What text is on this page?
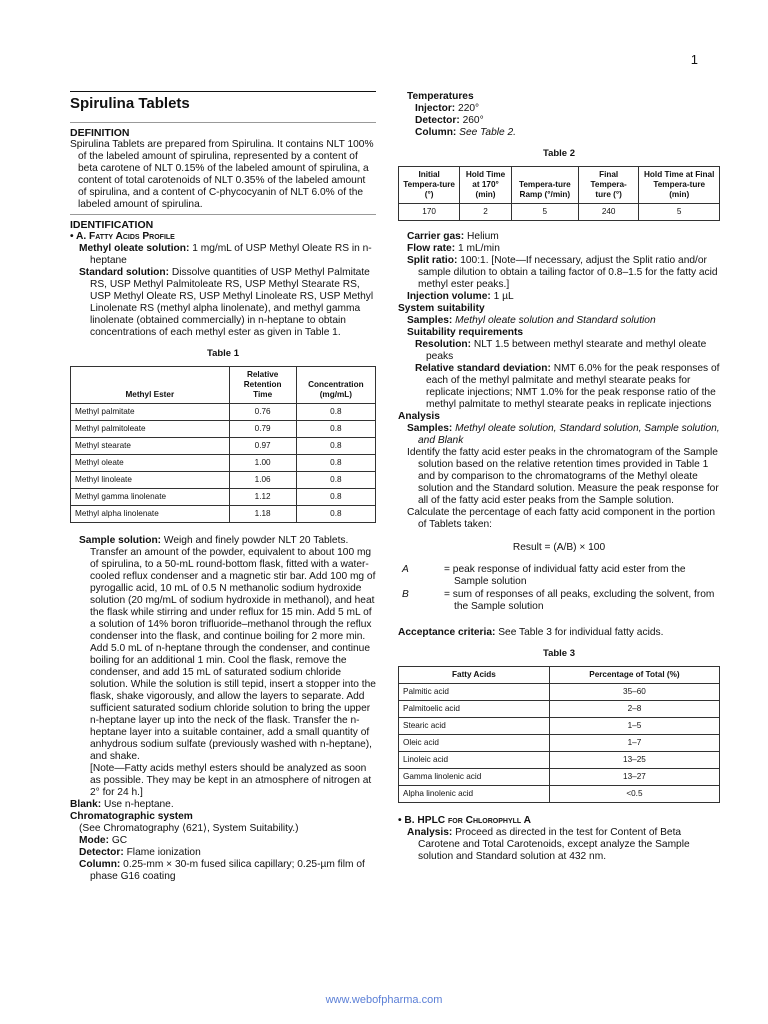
1
Spirulina Tablets
DEFINITION

Spirulina Tablets are prepared from Spirulina. It contains NLT 100% of the labeled amount of spirulina, represented by a content of beta carotene of NLT 0.15% of the labeled amount of spirulina, a content of total carotenoids of NLT 0.35% of the labeled amount of spirulina, and a content of C-phycocyanin of NLT 6.0% of the labeled amount of spirulina.

IDENTIFICATION
• A. Fatty Acids Profile

Methyl oleate solution: 1 mg/mL of USP Methyl Oleate RS in n-heptane

Standard solution: Dissolve quantities of USP Methyl Palmitate RS, USP Methyl Palmitoleate RS, USP Methyl Stearate RS, USP Methyl Oleate RS, USP Methyl Linoleate RS, USP Methyl Linolenate RS (methyl alpha linolenate), and methyl gamma linolenate (obtained commercially) in n-heptane to obtain concentrations of each methyl ester as given in Table 1.

Table 1
Methyl Ester	Relative Retention Time	Concentration (mg/mL)
Methyl palmitate	0.76	0.8
Methyl palmitoleate	0.79	0.8
Methyl stearate	0.97	0.8
Methyl oleate	1.00	0.8
Methyl linoleate	1.06	0.8
Methyl gamma linolenate	1.12	0.8
Methyl alpha linolenate	1.18	0.8

Sample solution: Weigh and finely powder NLT 20 Tablets. Transfer an amount of the powder, equivalent to about 100 mg of spirulina, to a 50-mL round-bottom flask, fitted with a water-cooled reflux condenser and a magnetic stir bar. Add 100 mg of pyrogallic acid, 10 mL of 0.5 N methanolic sodium hydroxide solution (20 mg/mL of sodium hydroxide in methanol), and heat the flask while stirring and under reflux for 15 min. Add 5 mL of a solution of 14% boron trifluoride–methanol through the reflux condenser into the flask, and continue boiling for 2 more min. Add 5.0 mL of n-heptane through the condenser, and continue boiling for an additional 1 min. Cool the flask, remove the condenser, and add 15 mL of saturated sodium chloride solution. While the solution is still tepid, insert a stopper into the flask, shake vigorously, and allow the layers to separate. Add sufficient saturated sodium chloride solution to bring the upper n-heptane layer up into the neck of the flask. Transfer the n-heptane layer into a suitable container, add a small quantity of anhydrous sodium sulfate (previously washed with n-heptane), and shake.
[Note—Fatty acids methyl esters should be analyzed as soon as possible. They may be kept in an atmosphere of nitrogen at 2° for 24 h.]

Blank: Use n-heptane.

Chromatographic system

(See Chromatography ⟨621⟩, System Suitability.)

Mode: GC

Detector: Flame ionization

Column: 0.25-mm × 30-m fused silica capillary; 0.25-µm film of phase G16 coating

Temperatures

Injector: 220°

Detector: 260°

Column: See Table 2.

Table 2
Initial Tempera-ture (°)	Hold Time at 170° (min)	Tempera-ture Ramp (°/min)	Final Tempera-ture (°)	Hold Time at Final Tempera-ture (min)
170	2	5	240	5

Carrier gas: Helium

Flow rate: 1 mL/min

Split ratio: 100:1. [Note—If necessary, adjust the Split ratio and/or sample dilution to obtain a tailing factor of 0.8–1.5 for the fatty acid methyl ester peaks.]

Injection volume: 1 µL

System suitability

Samples: Methyl oleate solution and Standard solution

Suitability requirements

Resolution: NLT 1.5 between methyl stearate and methyl oleate peaks

Relative standard deviation: NMT 6.0% for the peak responses of each of the methyl palmitate and methyl stearate peaks for replicate injections; NMT 1.0% for the peak response ratio of the methyl palmitate to methyl stearate peaks in replicate injections

Analysis

Samples: Methyl oleate solution, Standard solution, Sample solution, and Blank

Identify the fatty acid ester peaks in the chromatogram of the Sample solution based on the relative retention times provided in Table 1 and by comparison to the chromatograms of the Methyl oleate solution and the Standard solution. Measure the peak response for all of the fatty acid ester peaks from the Sample solution.

Calculate the percentage of each fatty acid component in the portion of Tablets taken:

Result = (A/B) × 100
A	= peak response of individual fatty acid ester from the Sample solution
B	= sum of responses of all peaks, excluding the solvent, from the Sample solution

Acceptance criteria: See Table 3 for individual fatty acids.

Table 3
Fatty Acids	Percentage of Total (%)
Palmitic acid	35–60
Palmitoelic acid	2–8
Stearic acid	1–5
Oleic acid	1–7
Linoleic acid	13–25
Gamma linolenic acid	13–27
Alpha linolenic acid	<0.5
• B. HPLC for Chlorophyll A

Analysis: Proceed as directed in the test for Content of Beta Carotene and Total Carotenoids, except analyze the Sample solution and Standard solution at 432 nm.

www.webofpharma.com
